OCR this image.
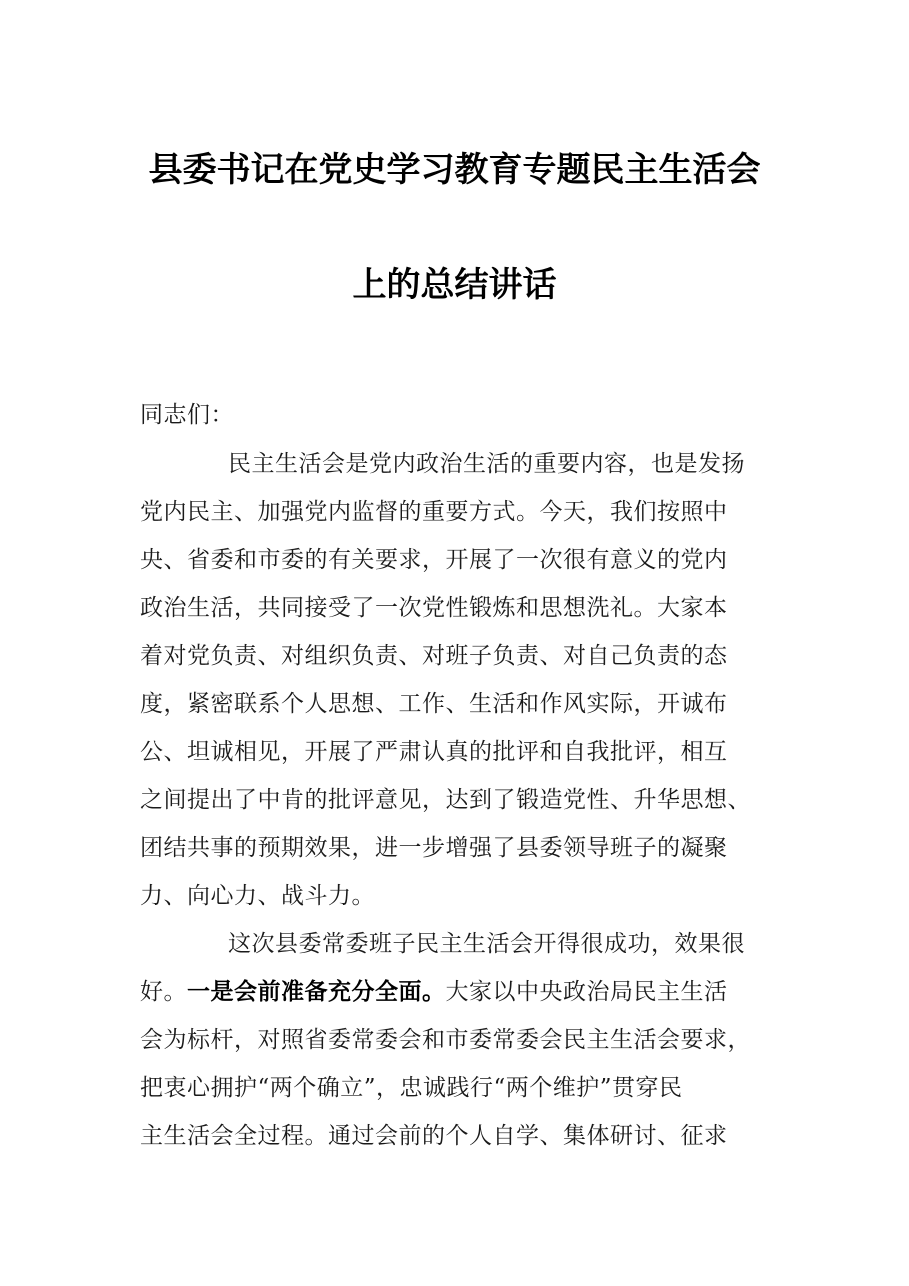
县委书记在党史学习教育专题民主生活会
上的总结讲话
同志们：
民主生活会是党内政治生活的重要内容，也是发扬
党内民主、加强党内监督的重要方式。今天，我们按照中
央、省委和市委的有关要求，开展了一次很有意义的党内
政治生活，共同接受了一次党性锻炼和思想洗礼。大家本
着对党负责、对组织负责、对班子负责、对自己负责的态
度，紧密联系个人思想、工作、生活和作风实际，开诚布
公、坦诚相见，开展了严肃认真的批评和自我批评，相互
之间提出了中肯的批评意见，达到了锻造党性、升华思想、
团结共事的预期效果，进一步增强了县委领导班子的凝聚
力、向心力、战斗力。
这次县委常委班子民主生活会开得很成功，效果很
好。一是会前准备充分全面。大家以中央政治局民主生活
会为标杆，对照省委常委会和市委常委会民主生活会要求，
把衷心拥护“两个确立”，忠诚践行“两个维护”贯穿民
主生活会全过程。通过会前的个人自学、集体研讨、征求
